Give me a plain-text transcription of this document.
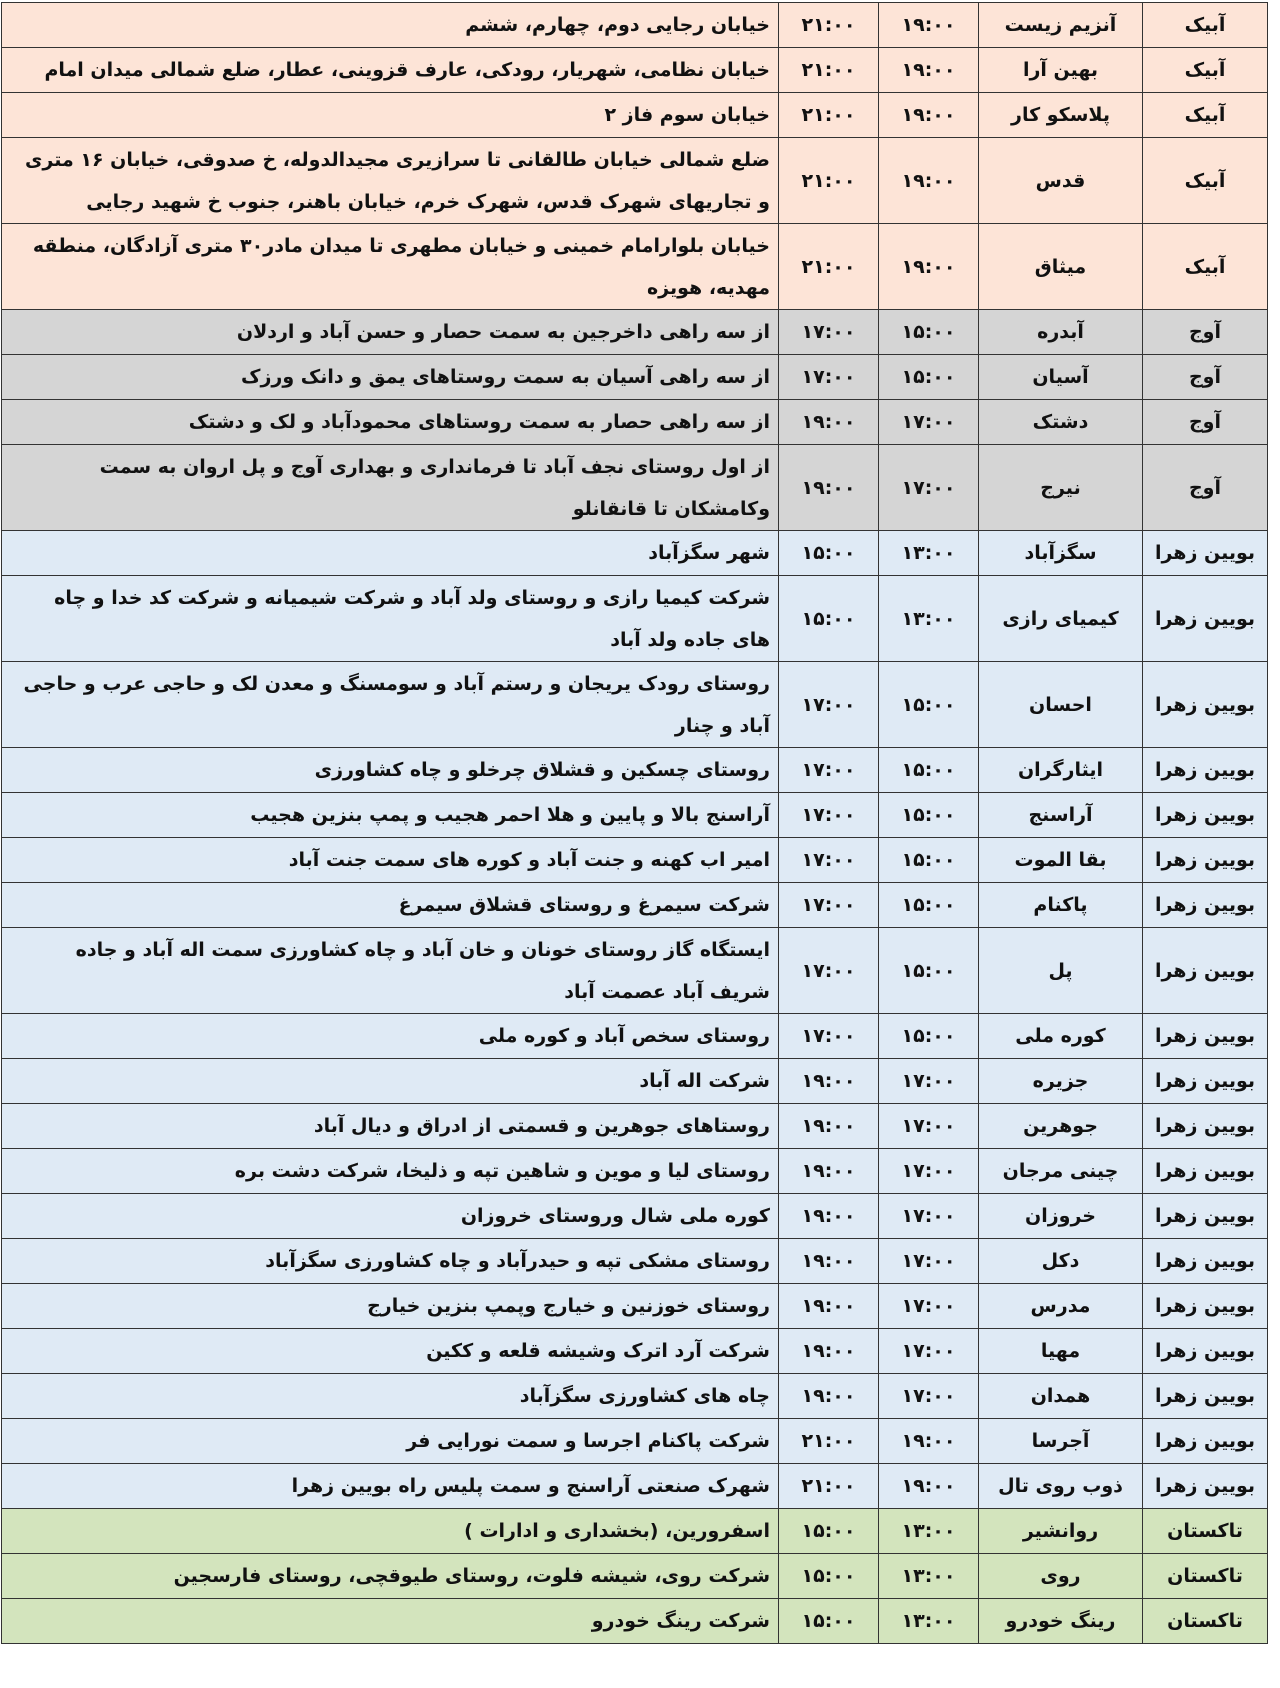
آبیک	آنزیم زیست	۱۹:۰۰	۲۱:۰۰	خیابان رجایی دوم، چهارم، ششم
آبیک	بهین آرا	۱۹:۰۰	۲۱:۰۰	خیابان نظامی، شهریار، رودکی، عارف قزوینی، عطار، ضلع شمالی میدان امام
آبیک	پلاسکو کار	۱۹:۰۰	۲۱:۰۰	خیابان سوم فاز ۲
آبیک	قدس	۱۹:۰۰	۲۱:۰۰	ضلع شمالی خیابان طالقانی تا سرازیری مجیدالدوله، خ صدوقی، خیابان ۱۶ متری و تجاریهای شهرک قدس، شهرک خرم، خیابان باهنر، جنوب خ شهید رجایی
آبیک	میثاق	۱۹:۰۰	۲۱:۰۰	خیابان بلوارامام خمینی و خیابان مطهری تا میدان مادر۳۰ متری آزادگان، منطقه مهدیه، هویزه
آوج	آبدره	۱۵:۰۰	۱۷:۰۰	از سه راهی داخرجین به سمت حصار و حسن آباد و اردلان
آوج	آسیان	۱۵:۰۰	۱۷:۰۰	از سه راهی آسیان به سمت روستاهای یمق و دانک ورزک
آوج	دشتک	۱۷:۰۰	۱۹:۰۰	از سه راهی حصار به سمت روستاهای محمودآباد و لک و دشتک
آوج	نیرج	۱۷:۰۰	۱۹:۰۰	از اول روستای نجف آباد تا فرمانداری و بهداری آوج و پل اروان به سمت وکامشکان تا قانقانلو
بویین زهرا	سگزآباد	۱۳:۰۰	۱۵:۰۰	شهر سگزآباد
بویین زهرا	کیمیای رازی	۱۳:۰۰	۱۵:۰۰	شرکت کیمیا رازی و روستای ولد آباد و شرکت شیمیانه و شرکت کد خدا و چاه های جاده ولد آباد
بویین زهرا	احسان	۱۵:۰۰	۱۷:۰۰	روستای رودک یریجان و رستم آباد و سومسنگ و معدن لک و حاجی عرب و حاجی آباد و چنار
بویین زهرا	ایثارگران	۱۵:۰۰	۱۷:۰۰	روستای چسکین و قشلاق چرخلو و چاه کشاورزی
بویین زهرا	آراسنج	۱۵:۰۰	۱۷:۰۰	آراسنج بالا و پایین و هلا احمر هجیب و پمپ بنزین هجیب
بویین زهرا	بقا الموت	۱۵:۰۰	۱۷:۰۰	امیر اب کهنه و جنت آباد و کوره های سمت جنت آباد
بویین زهرا	پاکنام	۱۵:۰۰	۱۷:۰۰	شرکت سیمرغ و روستای قشلاق سیمرغ
بویین زهرا	پل	۱۵:۰۰	۱۷:۰۰	ایستگاه گاز روستای خونان و خان آباد و چاه کشاورزی سمت اله آباد و جاده شریف آباد عصمت آباد
بویین زهرا	کوره ملی	۱۵:۰۰	۱۷:۰۰	روستای سخص آباد و کوره ملی
بویین زهرا	جزیره	۱۷:۰۰	۱۹:۰۰	شرکت اله آباد
بویین زهرا	جوهرین	۱۷:۰۰	۱۹:۰۰	روستاهای جوهرین و قسمتی از ادراق و دیال آباد
بویین زهرا	چینی مرجان	۱۷:۰۰	۱۹:۰۰	روستای لیا و موین و شاهین تپه و ذلیخا، شرکت دشت بره
بویین زهرا	خروزان	۱۷:۰۰	۱۹:۰۰	کوره ملی شال وروستای خروزان
بویین زهرا	دکل	۱۷:۰۰	۱۹:۰۰	روستای مشکی تپه و حیدرآباد و چاه کشاورزی سگزآباد
بویین زهرا	مدرس	۱۷:۰۰	۱۹:۰۰	روستای خوزنین و خیارج وپمپ بنزین خیارج
بویین زهرا	مهیا	۱۷:۰۰	۱۹:۰۰	شرکت آرد اترک وشیشه قلعه و ککین
بویین زهرا	همدان	۱۷:۰۰	۱۹:۰۰	چاه های کشاورزی سگزآباد
بویین زهرا	آجرسا	۱۹:۰۰	۲۱:۰۰	شرکت پاکنام اجرسا و سمت نورایی فر
بویین زهرا	ذوب روی تال	۱۹:۰۰	۲۱:۰۰	شهرک صنعتی آراسنج و سمت پلیس راه بویین زهرا
تاکستان	روانشیر	۱۳:۰۰	۱۵:۰۰	اسفرورین، (بخشداری و ادارات )
تاکستان	روی	۱۳:۰۰	۱۵:۰۰	شرکت روی، شیشه فلوت، روستای طیوقچی، روستای فارسجین
تاکستان	رینگ خودرو	۱۳:۰۰	۱۵:۰۰	شرکت رینگ خودرو
